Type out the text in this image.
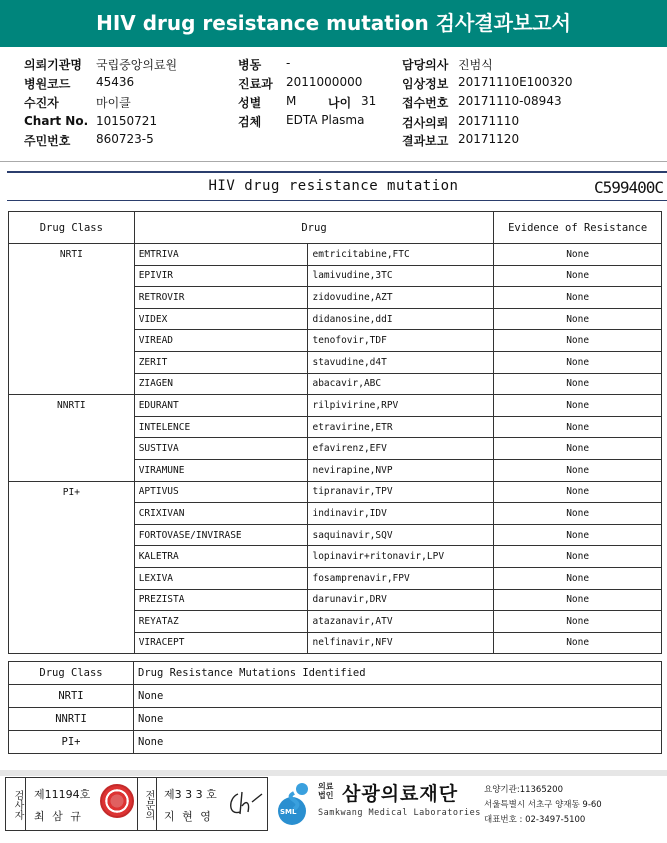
HIV drug resistance mutation 검사결과보고서
의뢰기관명 국립중앙의료원
병원코드 45436
수진자	마이클
Chart No. 10150721
주민번호 860723-5
병동 -
진료과 2011000000
성별 M	나이 31
검체 EDTA Plasma
담당의사 진범식
임상정보 20171110E100320
접수번호 20171110-08943
검사의뢰 20171110
결과보고 20171120
HIV drug resistance mutation	C599400C
Drug Class	Drug		Evidence of Resistance
NRTI	EMTRIVA	emtricitabine,FTC	None
	EPIVIR	lamivudine,3TC	None
	RETROVIR	zidovudine,AZT	None
	VIDEX	didanosine,ddI	None
	VIREAD	tenofovir,TDF	None
	ZERIT	stavudine,d4T	None
	ZIAGEN	abacavir,ABC	None
NNRTI	EDURANT	rilpivirine,RPV	None
	INTELENCE	etravirine,ETR	None
	SUSTIVA	efavirenz,EFV	None
	VIRAMUNE	nevirapine,NVP	None
PI+	APTIVUS	tipranavir,TPV	None
	CRIXIVAN	indinavir,IDV	None
	FORTOVASE/INVIRASE	saquinavir,SQV	None
	KALETRA	lopinavir+ritonavir,LPV	None
	LEXIVA	fosamprenavir,FPV	None
	PREZISTA	darunavir,DRV	None
	REYATAZ	atazanavir,ATV	None
	VIRACEPT	nelfinavir,NFV	None
Drug Class	Drug Resistance Mutations Identified
NRTI	None
NNRTI	None
PI+	None
검사자 제11194호
최 삼 규	전문의 제3 3 3 호
지 현 영	SML
의료법인 삼광의료재단
Samkwang Medical Laboratories
요양기관:11365200
서울특별시 서초구 양재동 9-60
대표번호 : 02-3497-5100
